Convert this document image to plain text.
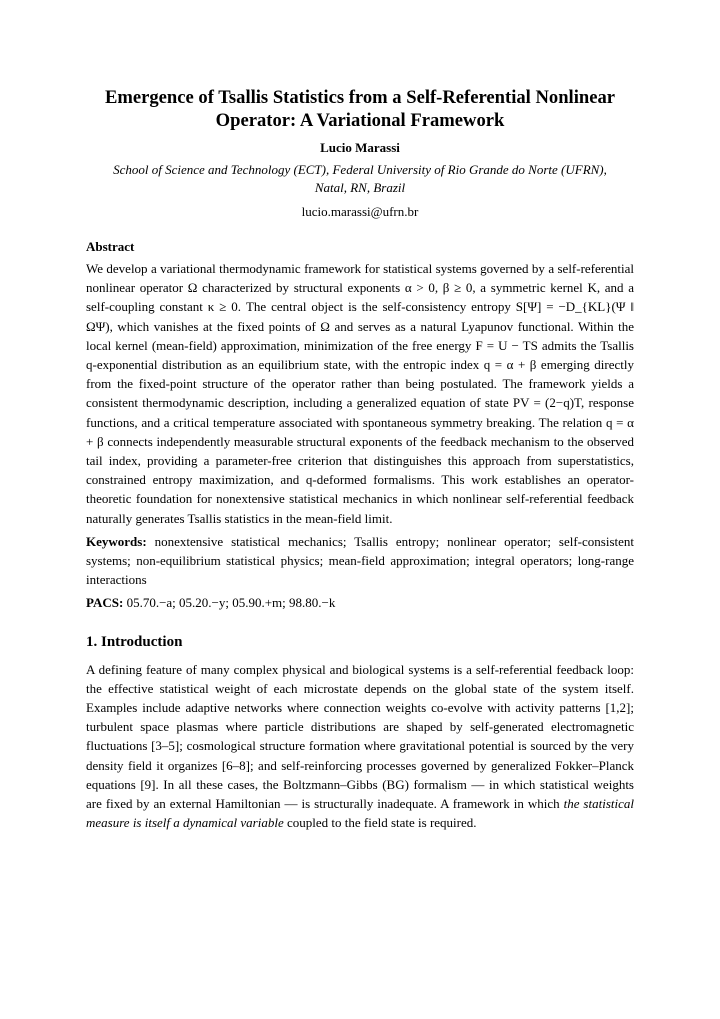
Emergence of Tsallis Statistics from a Self-Referential Nonlinear Operator: A Variational Framework
Lucio Marassi
School of Science and Technology (ECT), Federal University of Rio Grande do Norte (UFRN), Natal, RN, Brazil
lucio.marassi@ufrn.br
Abstract

We develop a variational thermodynamic framework for statistical systems governed by a self-referential nonlinear operator Ω characterized by structural exponents α > 0, β ≥ 0, a symmetric kernel K, and a self-coupling constant κ ≥ 0. The central object is the self-consistency entropy S[Ψ] = −D_{KL}(Ψ ‖ ΩΨ), which vanishes at the fixed points of Ω and serves as a natural Lyapunov functional. Within the local kernel (mean-field) approximation, minimization of the free energy F = U − TS admits the Tsallis q-exponential distribution as an equilibrium state, with the entropic index q = α + β emerging directly from the fixed-point structure of the operator rather than being postulated. The framework yields a consistent thermodynamic description, including a generalized equation of state PV = (2−q)T, response functions, and a critical temperature associated with spontaneous symmetry breaking. The relation q = α + β connects independently measurable structural exponents of the feedback mechanism to the observed tail index, providing a parameter-free criterion that distinguishes this approach from superstatistics, constrained entropy maximization, and q-deformed formalisms. This work establishes an operator-theoretic foundation for nonextensive statistical mechanics in which nonlinear self-referential feedback naturally generates Tsallis statistics in the mean-field limit.

Keywords: nonextensive statistical mechanics; Tsallis entropy; nonlinear operator; self-consistent systems; non-equilibrium statistical physics; mean-field approximation; integral operators; long-range interactions

PACS: 05.70.−a; 05.20.−y; 05.90.+m; 98.80.−k

1. Introduction

A defining feature of many complex physical and biological systems is a self-referential feedback loop: the effective statistical weight of each microstate depends on the global state of the system itself. Examples include adaptive networks where connection weights co-evolve with activity patterns [1,2]; turbulent space plasmas where particle distributions are shaped by self-generated electromagnetic fluctuations [3–5]; cosmological structure formation where gravitational potential is sourced by the very density field it organizes [6–8]; and self-reinforcing processes governed by generalized Fokker–Planck equations [9]. In all these cases, the Boltzmann–Gibbs (BG) formalism — in which statistical weights are fixed by an external Hamiltonian — is structurally inadequate. A framework in which the statistical measure is itself a dynamical variable coupled to the field state is required.
